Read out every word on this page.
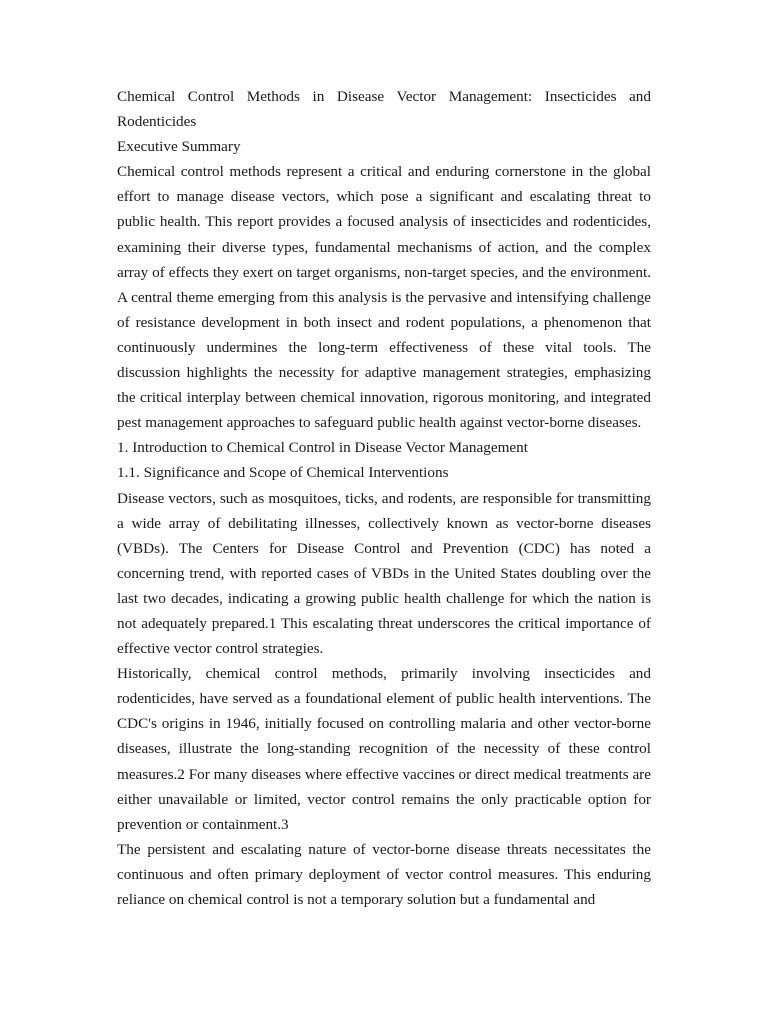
Chemical Control Methods in Disease Vector Management: Insecticides and Rodenticides

Executive Summary

Chemical control methods represent a critical and enduring cornerstone in the global effort to manage disease vectors, which pose a significant and escalating threat to public health. This report provides a focused analysis of insecticides and rodenticides, examining their diverse types, fundamental mechanisms of action, and the complex array of effects they exert on target organisms, non-target species, and the environment. A central theme emerging from this analysis is the pervasive and intensifying challenge of resistance development in both insect and rodent populations, a phenomenon that continuously undermines the long-term effectiveness of these vital tools. The discussion highlights the necessity for adaptive management strategies, emphasizing the critical interplay between chemical innovation, rigorous monitoring, and integrated pest management approaches to safeguard public health against vector-borne diseases.

1. Introduction to Chemical Control in Disease Vector Management

1.1. Significance and Scope of Chemical Interventions

Disease vectors, such as mosquitoes, ticks, and rodents, are responsible for transmitting a wide array of debilitating illnesses, collectively known as vector-borne diseases (VBDs). The Centers for Disease Control and Prevention (CDC) has noted a concerning trend, with reported cases of VBDs in the United States doubling over the last two decades, indicating a growing public health challenge for which the nation is not adequately prepared.1 This escalating threat underscores the critical importance of effective vector control strategies.

Historically, chemical control methods, primarily involving insecticides and rodenticides, have served as a foundational element of public health interventions. The CDC's origins in 1946, initially focused on controlling malaria and other vector-borne diseases, illustrate the long-standing recognition of the necessity of these control measures.2 For many diseases where effective vaccines or direct medical treatments are either unavailable or limited, vector control remains the only practicable option for prevention or containment.3

The persistent and escalating nature of vector-borne disease threats necessitates the continuous and often primary deployment of vector control measures. This enduring reliance on chemical control is not a temporary solution but a fundamental and
